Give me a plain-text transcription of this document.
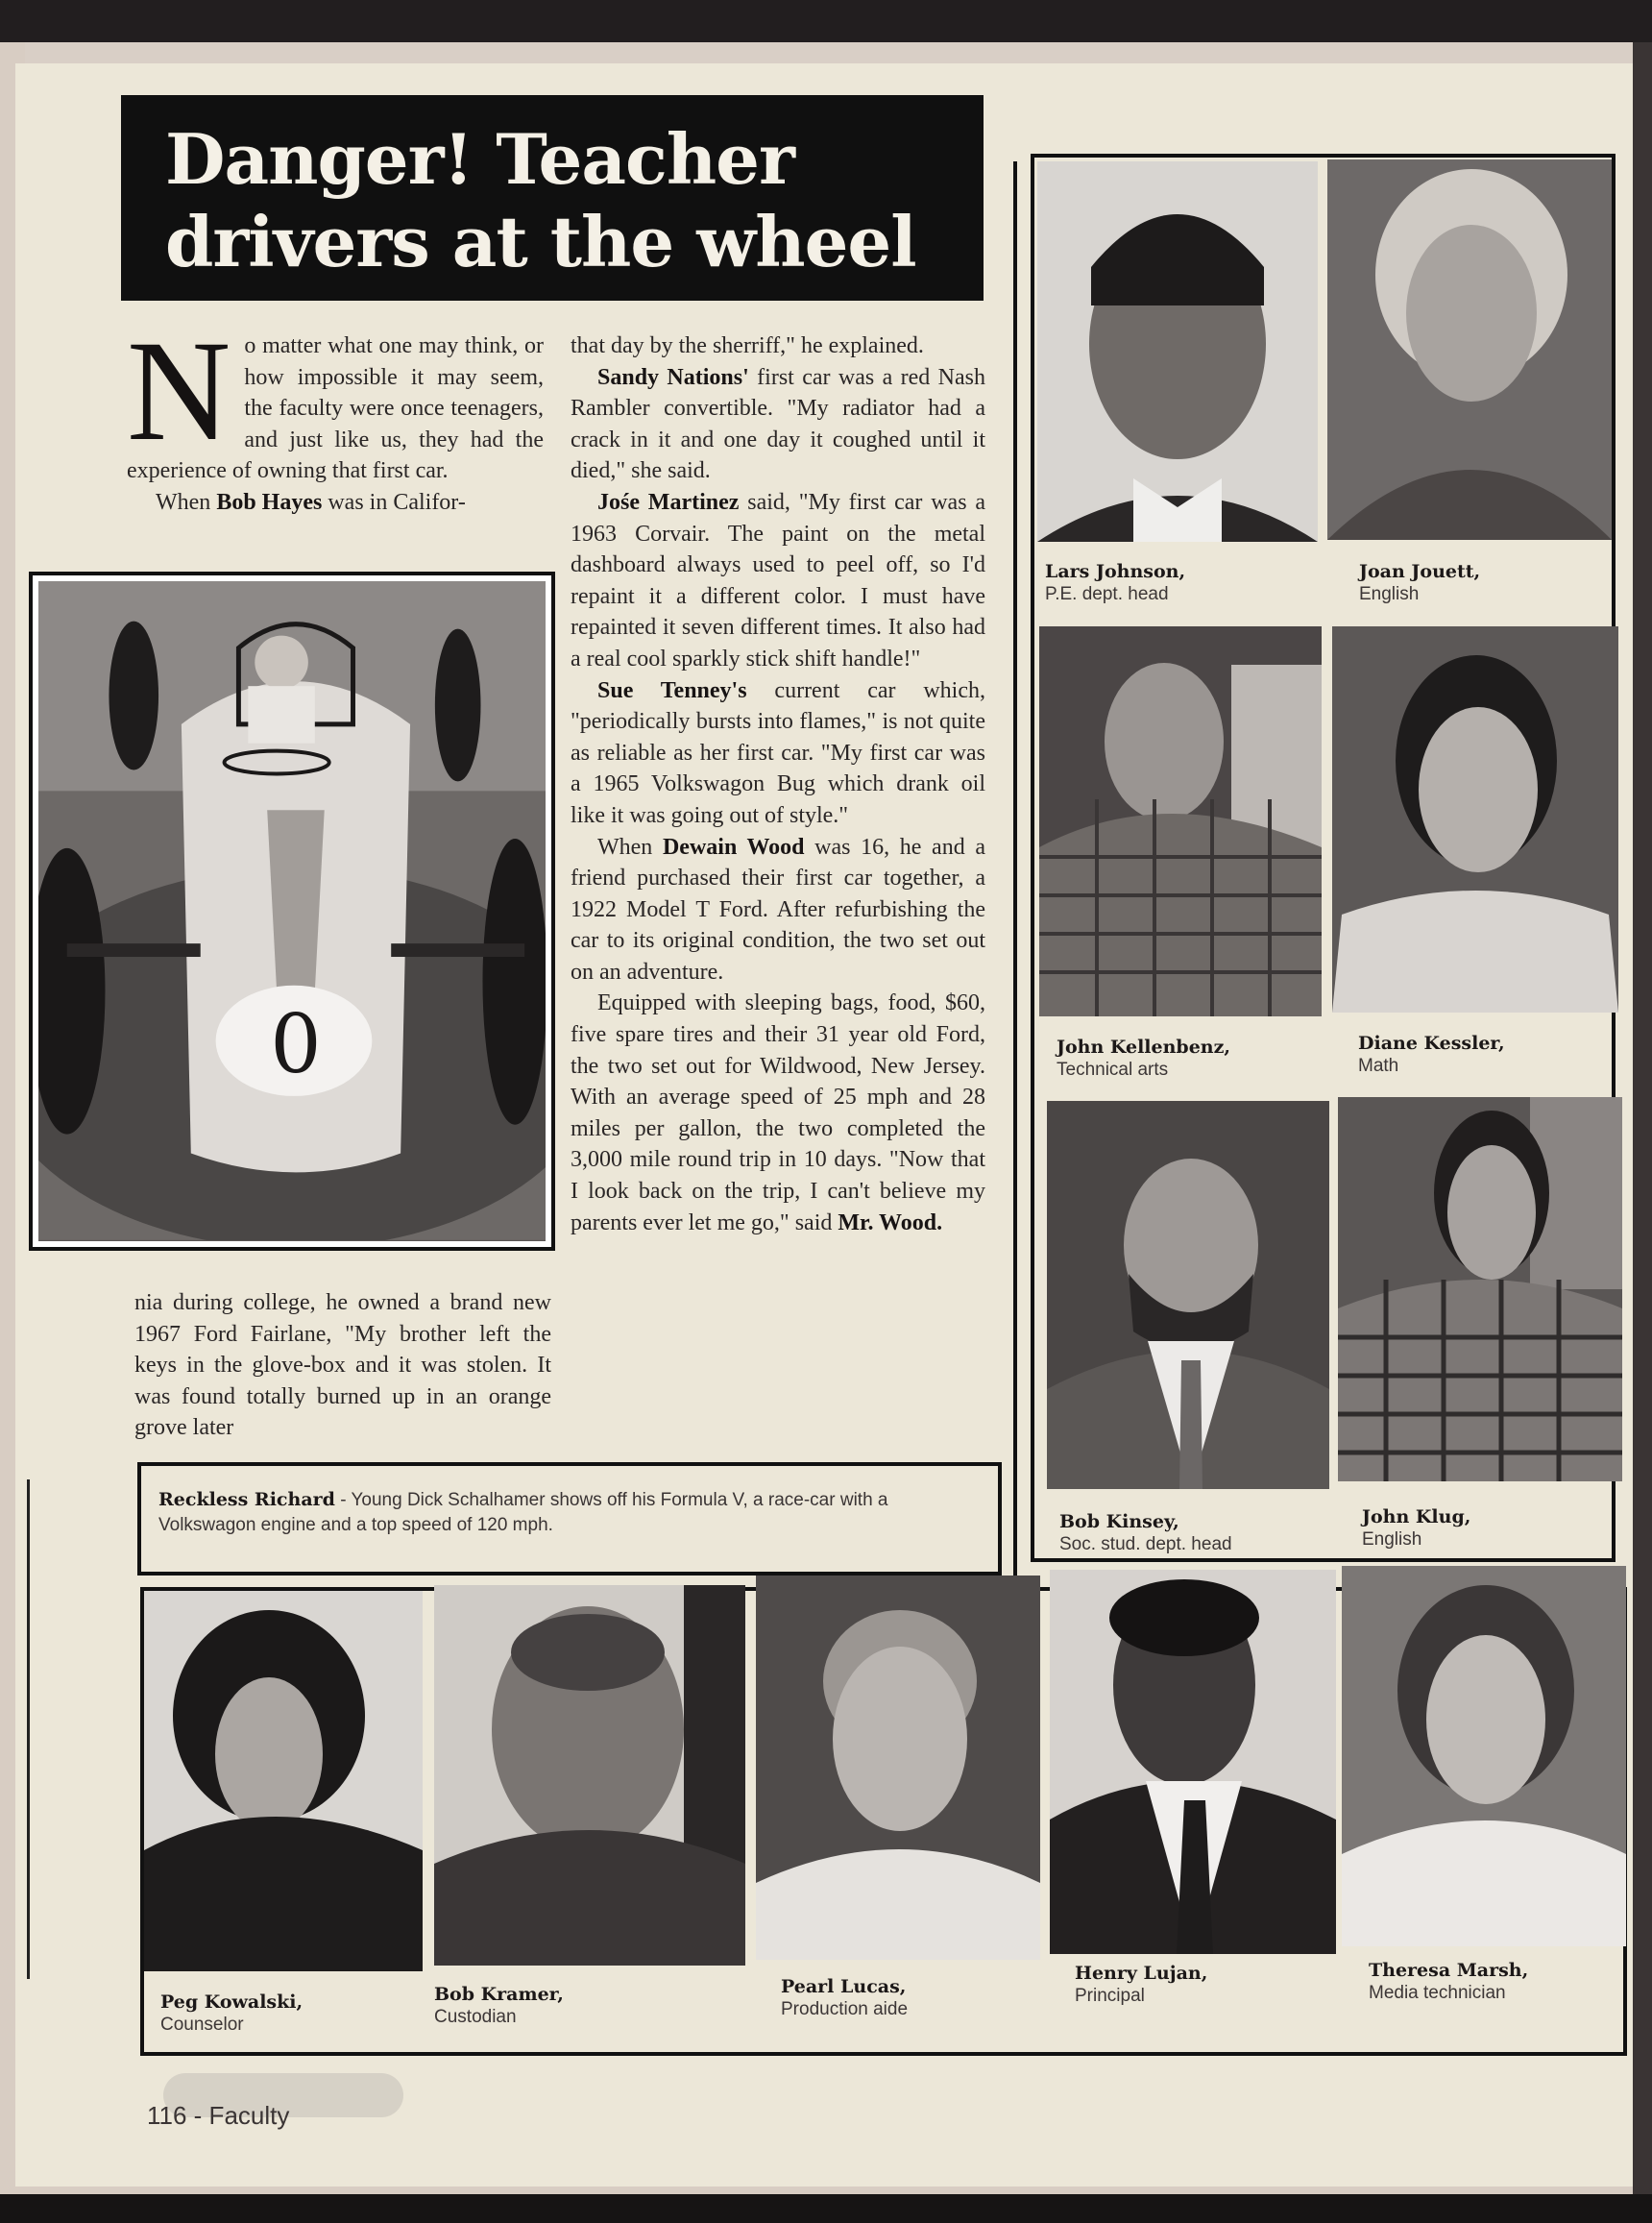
Danger! Teacher drivers at the wheel
N o matter what one may think, or how impossible it may seem, the faculty were once teenagers, and just like us, they had the experience of owning that first car.

When Bob Hayes was in Califor-

nia during college, he owned a brand new 1967 Ford Fairlane, "My brother left the keys in the glove-box and it was stolen. It was found totally burned up in an orange grove later

that day by the sherriff," he explained.

Sandy Nations' first car was a red Nash Rambler convertible. "My radiator had a crack in it and one day it coughed until it died," she said.

Jośe Martinez said, "My first car was a 1963 Corvair. The paint on the metal dashboard always used to peel off, so I'd repaint it a different color. I must have repainted it seven different times. It also had a real cool sparkly stick shift handle!"

Sue Tenney's current car which, "periodically bursts into flames," is not quite as reliable as her first car. "My first car was a 1965 Volkswagon Bug which drank oil like it was going out of style."

When Dewain Wood was 16, he and a friend purchased their first car together, a 1922 Model T Ford. After refurbishing the car to its original condition, the two set out on an adventure.

Equipped with sleeping bags, food, $60, five spare tires and their 31 year old Ford, the two set out for Wildwood, New Jersey. With an average speed of 25 mph and 28 miles per gallon, the two completed the 3,000 mile round trip in 10 days. "Now that I look back on the trip, I can't believe my parents ever let me go," said Mr. Wood.

0
Reckless Richard - Young Dick Schalhamer shows off his Formula V, a race-car with a Volkswagon engine and a top speed of 120 mph.
Lars Johnson,
P.E. dept. head
Joan Jouett,
English
John Kellenbenz,
Technical arts
Diane Kessler,
Math
Bob Kinsey,
Soc. stud. dept. head
John Klug,
English
Peg Kowalski,
Counselor
Bob Kramer,
Custodian
Pearl Lucas,
Production aide
Henry Lujan,
Principal
Theresa Marsh,
Media technician
116 - Faculty
